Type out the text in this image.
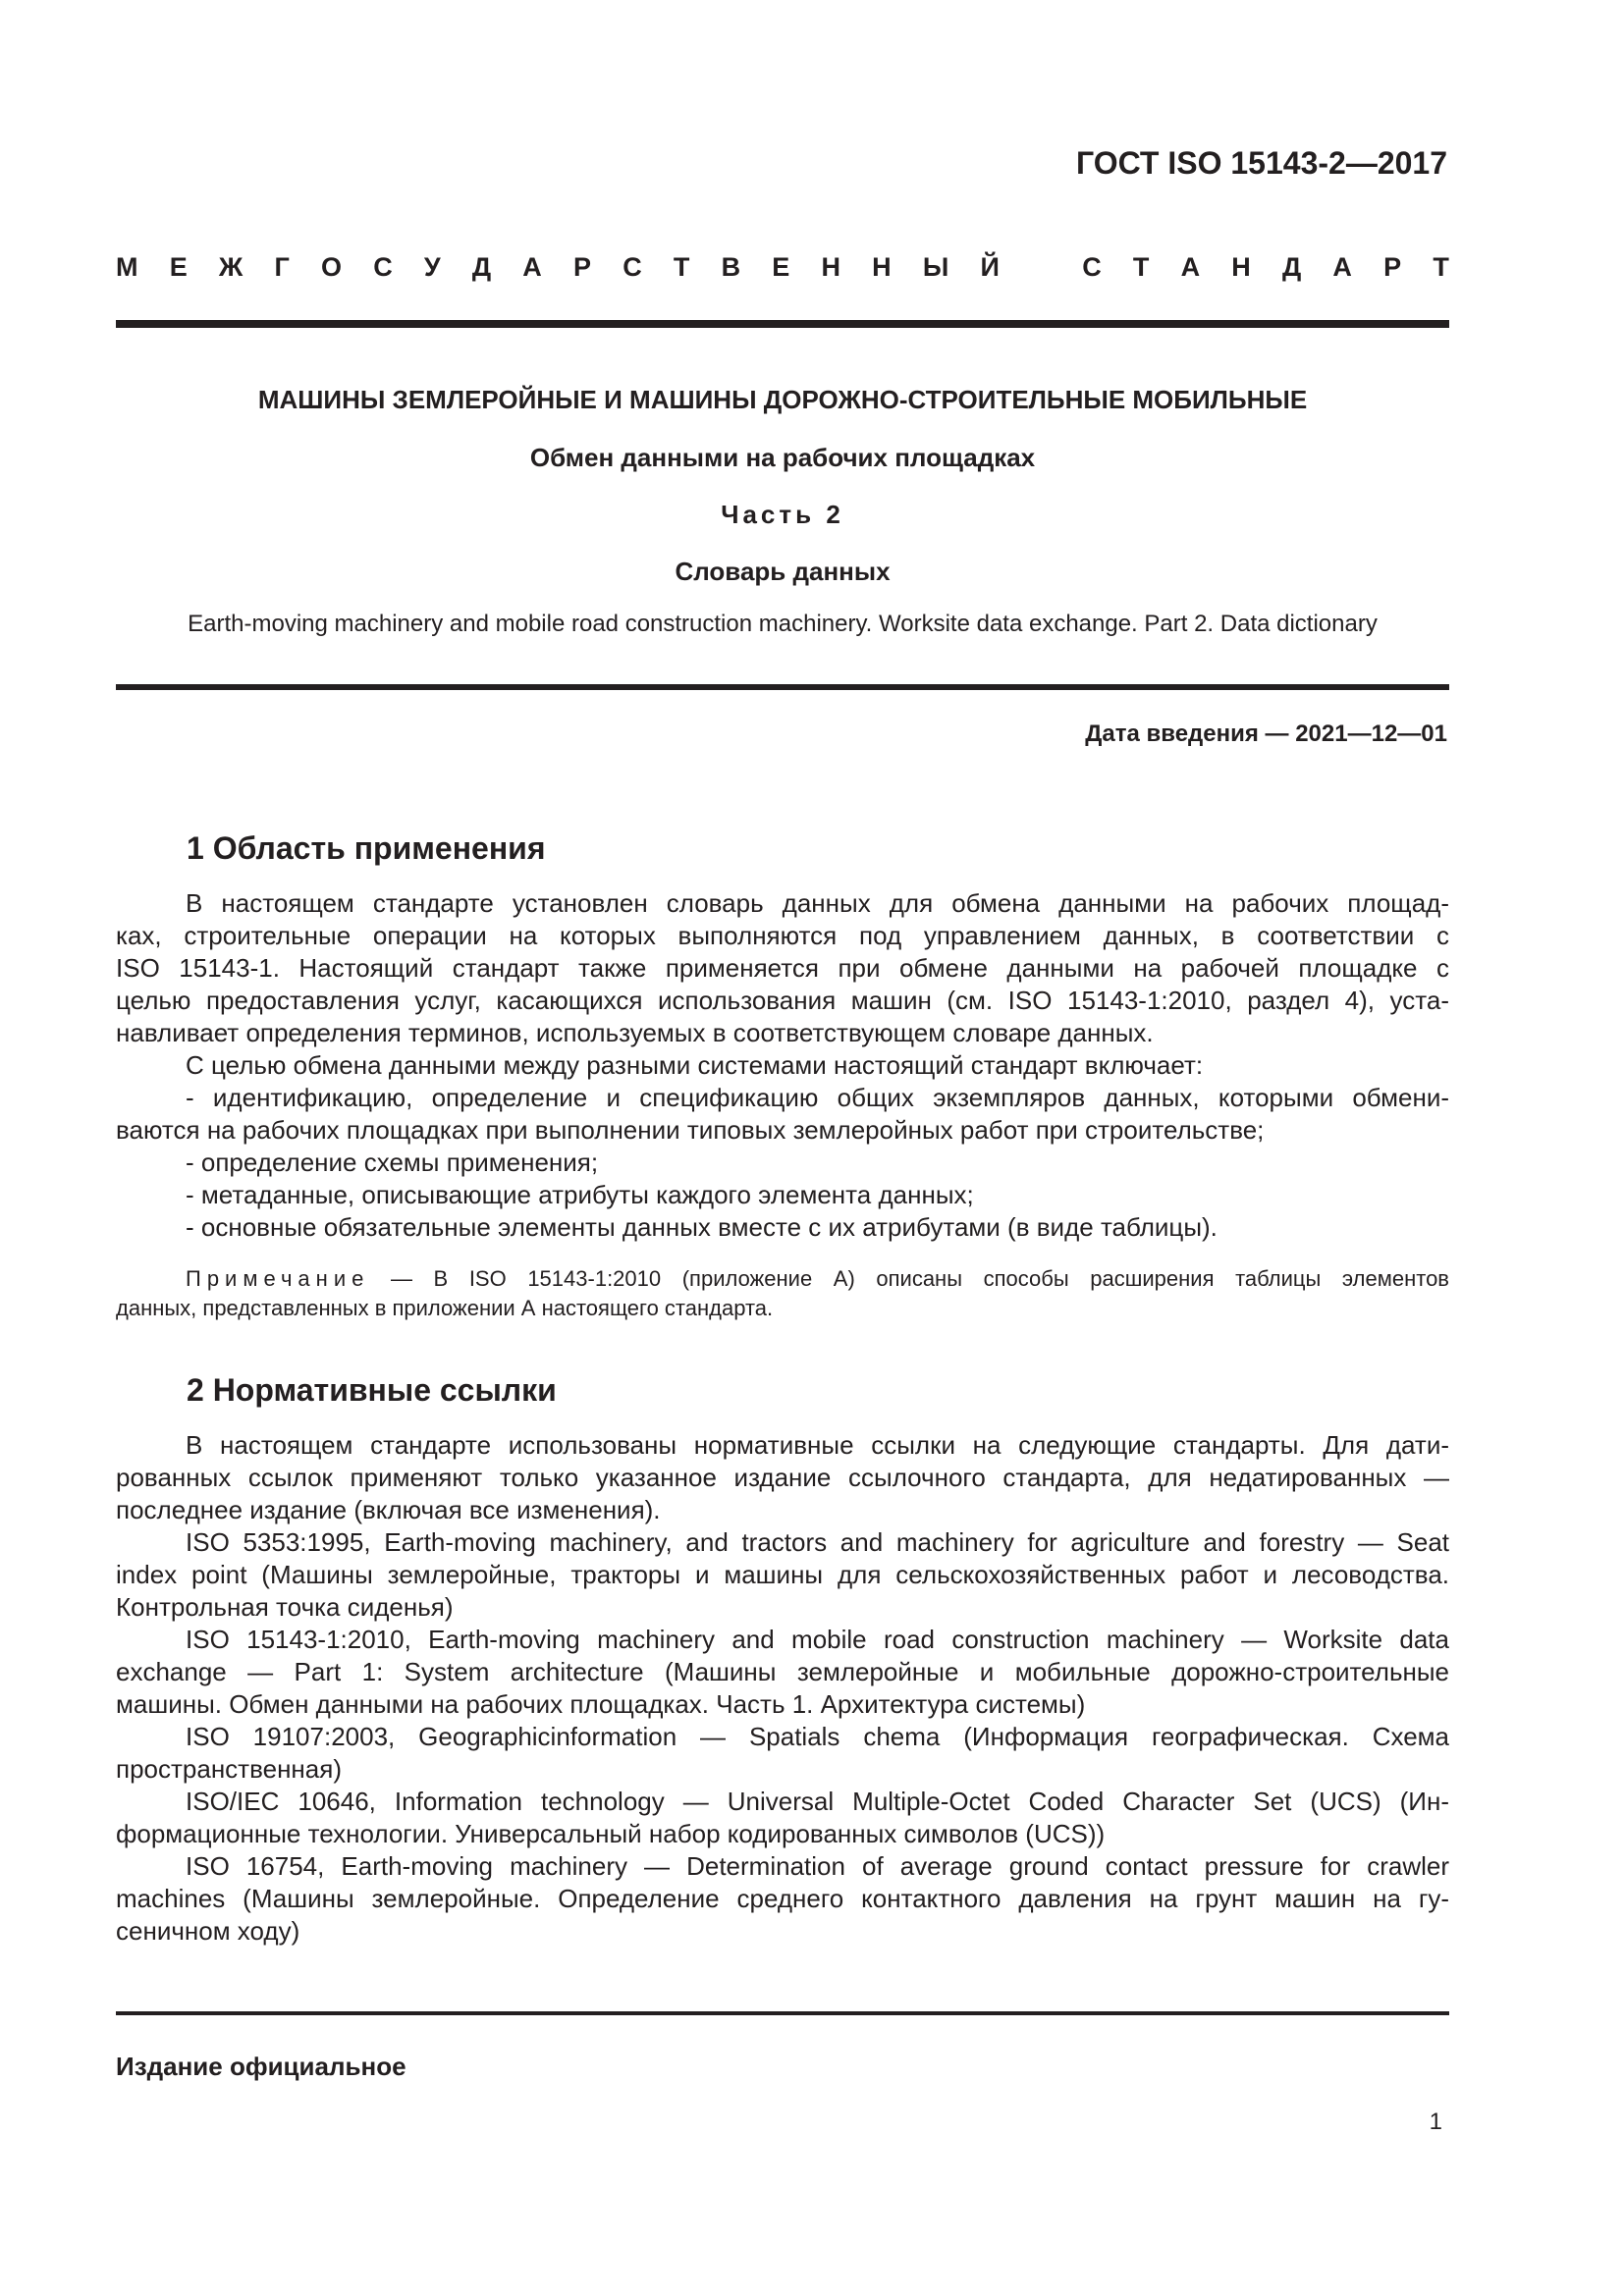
ГОСТ ISO 15143-2—2017
М Е Ж Г О С У Д А Р С Т В Е Н Н Ы Й	С Т А Н Д А Р Т
МАШИНЫ ЗЕМЛЕРОЙНЫЕ И МАШИНЫ ДОРОЖНО-СТРОИТЕЛЬНЫЕ МОБИЛЬНЫЕ
Обмен данными на рабочих площадках
Часть 2
Словарь данных
Earth-moving machinery and mobile road construction machinery. Worksite data exchange. Part 2. Data dictionary
Дата введения — 2021—12—01
1 Область применения
В настоящем стандарте установлен словарь данных для обмена данными на рабочих площад-
ках, строительные операции на которых выполняются под управлением данных, в соответствии с
ISO 15143-1. Настоящий стандарт также применяется при обмене данными на рабочей площадке с
целью предоставления услуг, касающихся использования машин (см. ISO 15143-1:2010, раздел 4), уста-
навливает определения терминов, используемых в соответствующем словаре данных.
С целью обмена данными между разными системами настоящий стандарт включает:
- идентификацию, определение и спецификацию общих экземпляров данных, которыми обмени-
ваются на рабочих площадках при выполнении типовых землеройных работ при строительстве;
- определение схемы применения;
- метаданные, описывающие атрибуты каждого элемента данных;
- основные обязательные элементы данных вместе с их атрибутами (в виде таблицы).
Примечание — В ISO 15143-1:2010 (приложение А) описаны способы расширения таблицы элементов
данных, представленных в приложении А настоящего стандарта.
2 Нормативные ссылки
В настоящем стандарте использованы нормативные ссылки на следующие стандарты. Для дати-
рованных ссылок применяют только указанное издание ссылочного стандарта, для недатированных —
последнее издание (включая все изменения).
ISO 5353:1995, Earth-moving machinery, and tractors and machinery for agriculture and forestry — Seat
index point (Машины землеройные, тракторы и машины для сельскохозяйственных работ и лесоводства.
Контрольная точка сиденья)
ISO 15143-1:2010, Earth-moving machinery and mobile road construction machinery — Worksite data
exchange — Part 1: System architecture (Машины землеройные и мобильные дорожно-строительные
машины. Обмен данными на рабочих площадках. Часть 1. Архитектура системы)
ISO 19107:2003, Geographicinformation — Spatials chema (Информация географическая. Схема
пространственная)
ISO/IEC 10646, Information technology — Universal Multiple-Octet Coded Character Set (UCS) (Ин-
формационные технологии. Универсальный набор кодированных символов (UCS))
ISO 16754, Earth-moving machinery — Determination of average ground contact pressure for crawler
machines (Машины землеройные. Определение среднего контактного давления на грунт машин на гу-
сеничном ходу)
Издание официальное
1
